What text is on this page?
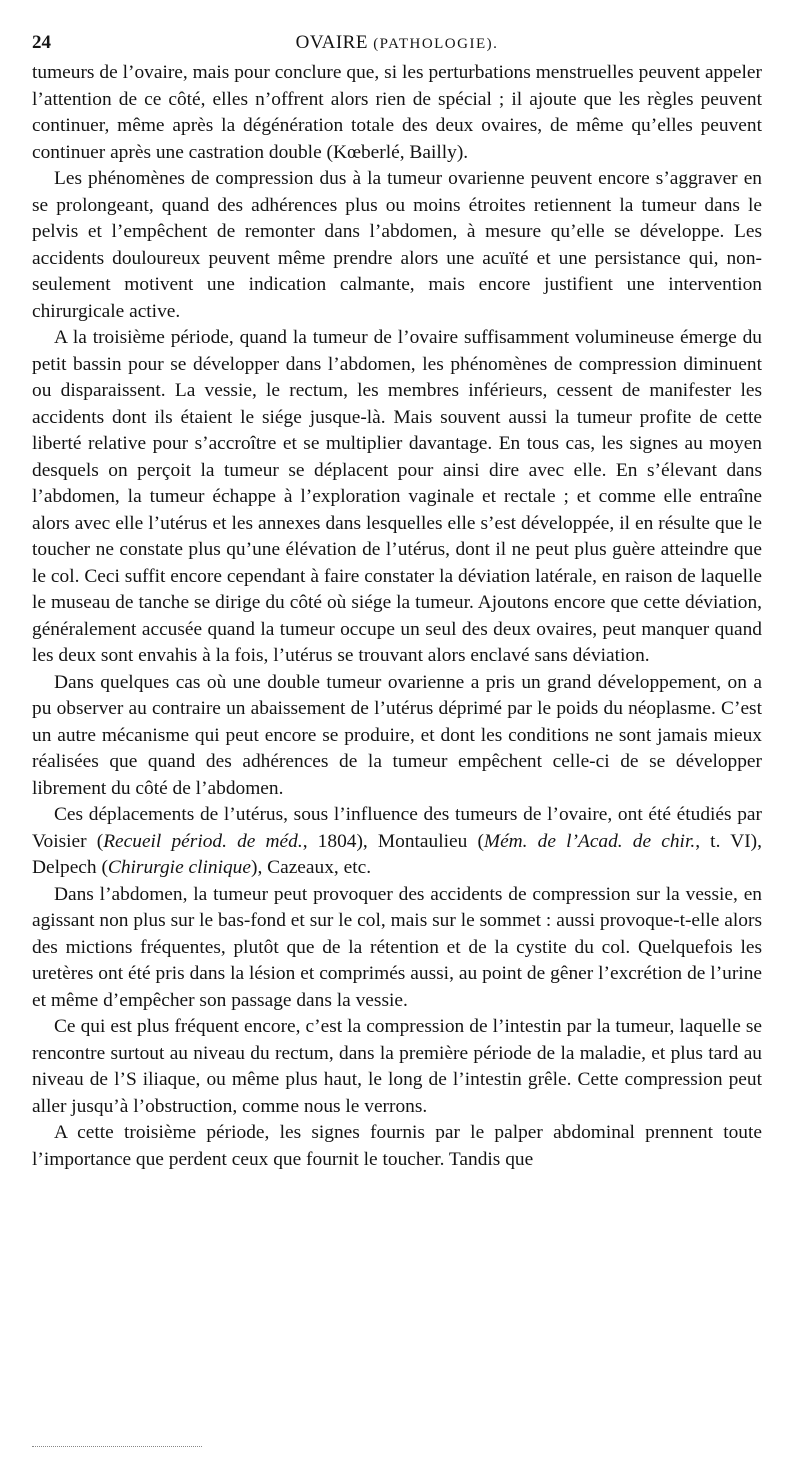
24	OVAIRE (PATHOLOGIE).

tumeurs de l’ovaire, mais pour conclure que, si les perturbations menstruelles peuvent appeler l’attention de ce côté, elles n’offrent alors rien de spécial ; il ajoute que les règles peuvent continuer, même après la dégénération totale des deux ovaires, de même qu’elles peuvent continuer après une castration double (Kœberlé, Bailly).

Les phénomènes de compression dus à la tumeur ovarienne peuvent encore s’aggraver en se prolongeant, quand des adhérences plus ou moins étroites retiennent la tumeur dans le pelvis et l’empêchent de remonter dans l’abdomen, à mesure qu’elle se développe. Les accidents douloureux peuvent même prendre alors une acuïté et une persistance qui, non-seulement motivent une indication calmante, mais encore justifient une intervention chirurgicale active.

A la troisième période, quand la tumeur de l’ovaire suffisamment volumineuse émerge du petit bassin pour se développer dans l’abdomen, les phénomènes de compression diminuent ou disparaissent. La vessie, le rectum, les membres inférieurs, cessent de manifester les accidents dont ils étaient le siége jusque-là. Mais souvent aussi la tumeur profite de cette liberté relative pour s’accroître et se multiplier davantage. En tous cas, les signes au moyen desquels on perçoit la tumeur se déplacent pour ainsi dire avec elle. En s’élevant dans l’abdomen, la tumeur échappe à l’exploration vaginale et rectale ; et comme elle entraîne alors avec elle l’utérus et les annexes dans lesquelles elle s’est développée, il en résulte que le toucher ne constate plus qu’une élévation de l’utérus, dont il ne peut plus guère atteindre que le col. Ceci suffit encore cependant à faire constater la déviation latérale, en raison de laquelle le museau de tanche se dirige du côté où siége la tumeur. Ajoutons encore que cette déviation, généralement accusée quand la tumeur occupe un seul des deux ovaires, peut manquer quand les deux sont envahis à la fois, l’utérus se trouvant alors enclavé sans déviation.

Dans quelques cas où une double tumeur ovarienne a pris un grand développement, on a pu observer au contraire un abaissement de l’utérus déprimé par le poids du néoplasme. C’est un autre mécanisme qui peut encore se produire, et dont les conditions ne sont jamais mieux réalisées que quand des adhérences de la tumeur empêchent celle-ci de se développer librement du côté de l’abdomen.

Ces déplacements de l’utérus, sous l’influence des tumeurs de l’ovaire, ont été étudiés par Voisier (Recueil périod. de méd., 1804), Montaulieu (Mém. de l’Acad. de chir., t. VI), Delpech (Chirurgie clinique), Cazeaux, etc.

Dans l’abdomen, la tumeur peut provoquer des accidents de compression sur la vessie, en agissant non plus sur le bas-fond et sur le col, mais sur le sommet : aussi provoque-t-elle alors des mictions fréquentes, plutôt que de la rétention et de la cystite du col. Quelquefois les uretères ont été pris dans la lésion et comprimés aussi, au point de gêner l’excrétion de l’urine et même d’empêcher son passage dans la vessie.

Ce qui est plus fréquent encore, c’est la compression de l’intestin par la tumeur, laquelle se rencontre surtout au niveau du rectum, dans la première période de la maladie, et plus tard au niveau de l’S iliaque, ou même plus haut, le long de l’intestin grêle. Cette compression peut aller jusqu’à l’obstruction, comme nous le verrons.

A cette troisième période, les signes fournis par le palper abdominal prennent toute l’importance que perdent ceux que fournit le toucher. Tandis que
